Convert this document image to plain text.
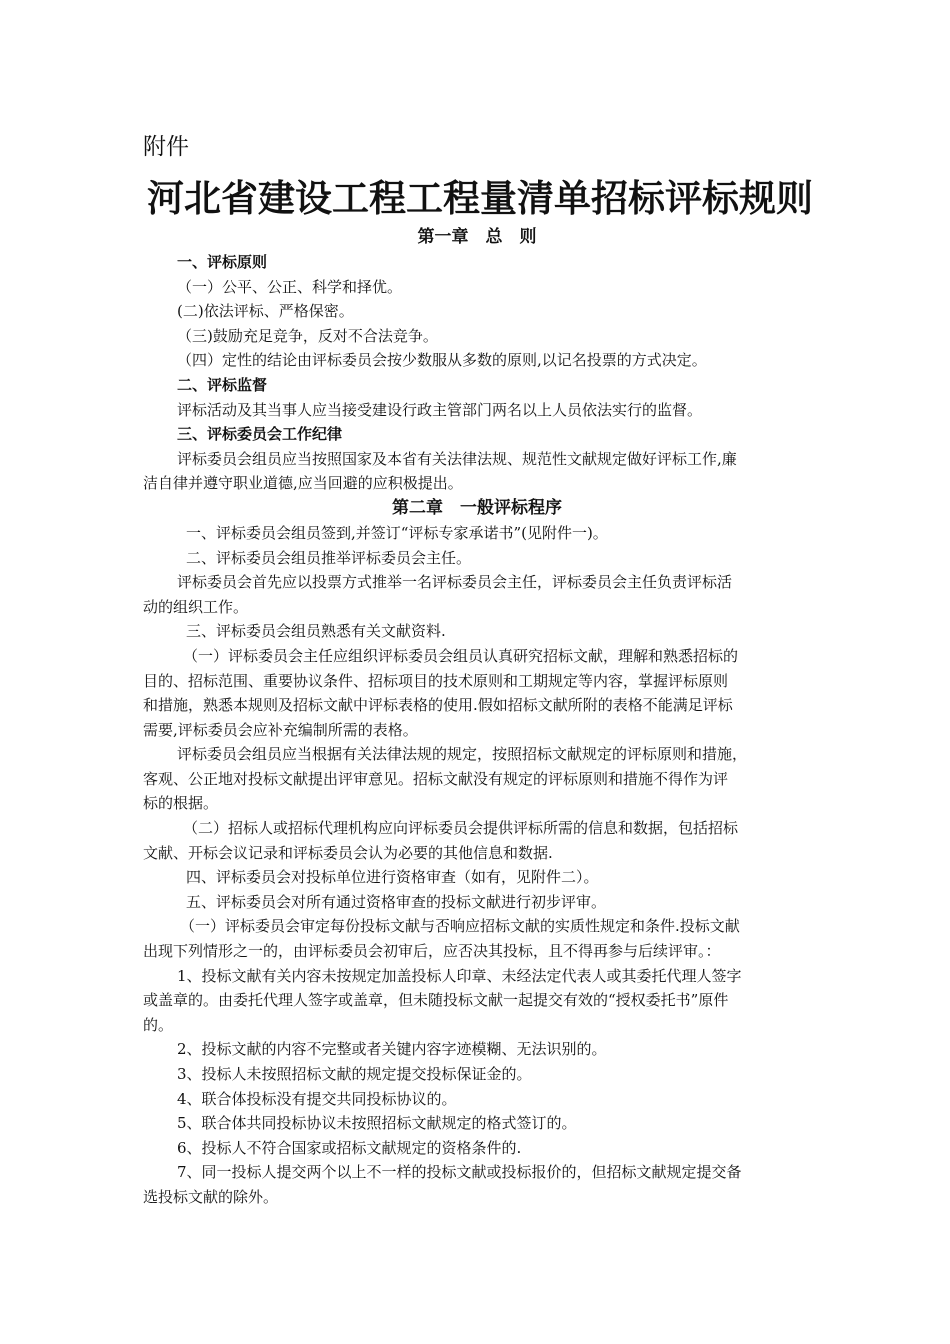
附件
河北省建设工程工程量清单招标评标规则
第一章　总　则
一、评标原则
（一）公平、公正、科学和择优。
(二)依法评标、严格保密。
（三)鼓励充足竞争，反对不合法竞争。
（四）定性的结论由评标委员会按少数服从多数的原则,以记名投票的方式决定。
二、评标监督
评标活动及其当事人应当接受建设行政主管部门两名以上人员依法实行的监督。
三、评标委员会工作纪律
评标委员会组员应当按照国家及本省有关法律法规、规范性文献规定做好评标工作,廉
洁自律并遵守职业道德,应当回避的应积极提出。
第二章　一般评标程序
一、评标委员会组员签到,并签订“评标专家承诺书”(见附件一)。
二、评标委员会组员推举评标委员会主任。
评标委员会首先应以投票方式推举一名评标委员会主任，评标委员会主任负责评标活
动的组织工作。
三、评标委员会组员熟悉有关文献资料.
（一）评标委员会主任应组织评标委员会组员认真研究招标文献，理解和熟悉招标的
目的、招标范围、重要协议条件、招标项目的技术原则和工期规定等内容，掌握评标原则
和措施，熟悉本规则及招标文献中评标表格的使用.假如招标文献所附的表格不能满足评标
需要,评标委员会应补充编制所需的表格。
评标委员会组员应当根据有关法律法规的规定，按照招标文献规定的评标原则和措施，
客观、公正地对投标文献提出评审意见。招标文献没有规定的评标原则和措施不得作为评
标的根据。
（二）招标人或招标代理机构应向评标委员会提供评标所需的信息和数据，包括招标
文献、开标会议记录和评标委员会认为必要的其他信息和数据.
四、评标委员会对投标单位进行资格审查（如有，见附件二）。
五、评标委员会对所有通过资格审查的投标文献进行初步评审。
（一）评标委员会审定每份投标文献与否响应招标文献的实质性规定和条件.投标文献
出现下列情形之一的，由评标委员会初审后，应否决其投标，且不得再参与后续评审。：
1、投标文献有关内容未按规定加盖投标人印章、未经法定代表人或其委托代理人签字
或盖章的。由委托代理人签字或盖章，但未随投标文献一起提交有效的“授权委托书”原件
的。
2、投标文献的内容不完整或者关键内容字迹模糊、无法识别的。
3、投标人未按照招标文献的规定提交投标保证金的。
4、联合体投标没有提交共同投标协议的。
5、联合体共同投标协议未按照招标文献规定的格式签订的。
6、投标人不符合国家或招标文献规定的资格条件的.
7、同一投标人提交两个以上不一样的投标文献或投标报价的，但招标文献规定提交备
选投标文献的除外。
